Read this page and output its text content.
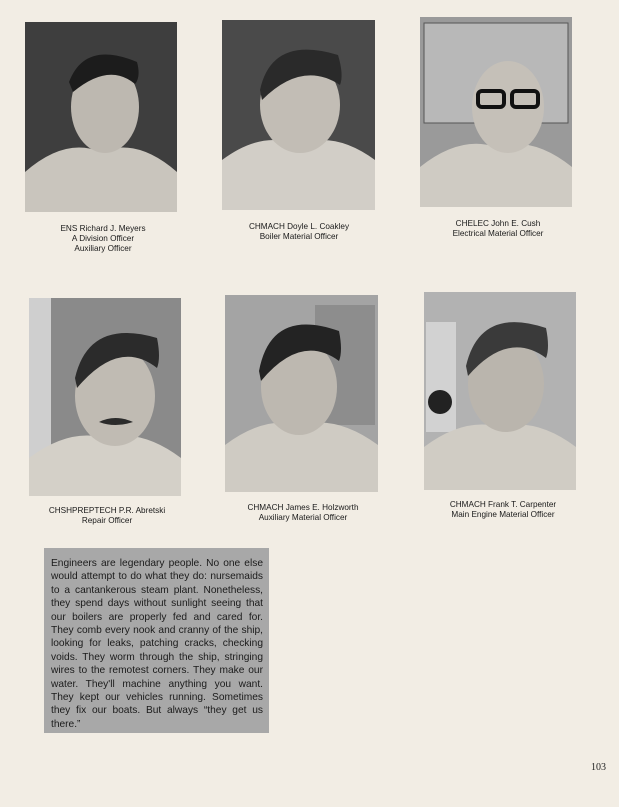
ENS Richard J. Meyers
A Division Officer
Auxiliary Officer
CHMACH Doyle L. Coakley
Boiler Material Officer
CHELEC John E. Cush
Electrical Material Officer
CHSHPREPTECH P.R. Abretski
Repair Officer
CHMACH James E. Holzworth
Auxiliary Material Officer
CHMACH Frank T. Carpenter
Main Engine Material Officer
Engineers are legendary people. No one else would attempt to do what they do: nursemaids to a cantankerous steam plant. Nonetheless, they spend days without sunlight seeing that our boilers are properly fed and cared for. They comb every nook and cranny of the ship, looking for leaks, patching cracks, checking voids. They worm through the ship, stringing wires to the remotest corners. They make our water. They'll machine anything you want. They kept our vehicles running. Sometimes they fix our boats. But always “they get us there.”
103
